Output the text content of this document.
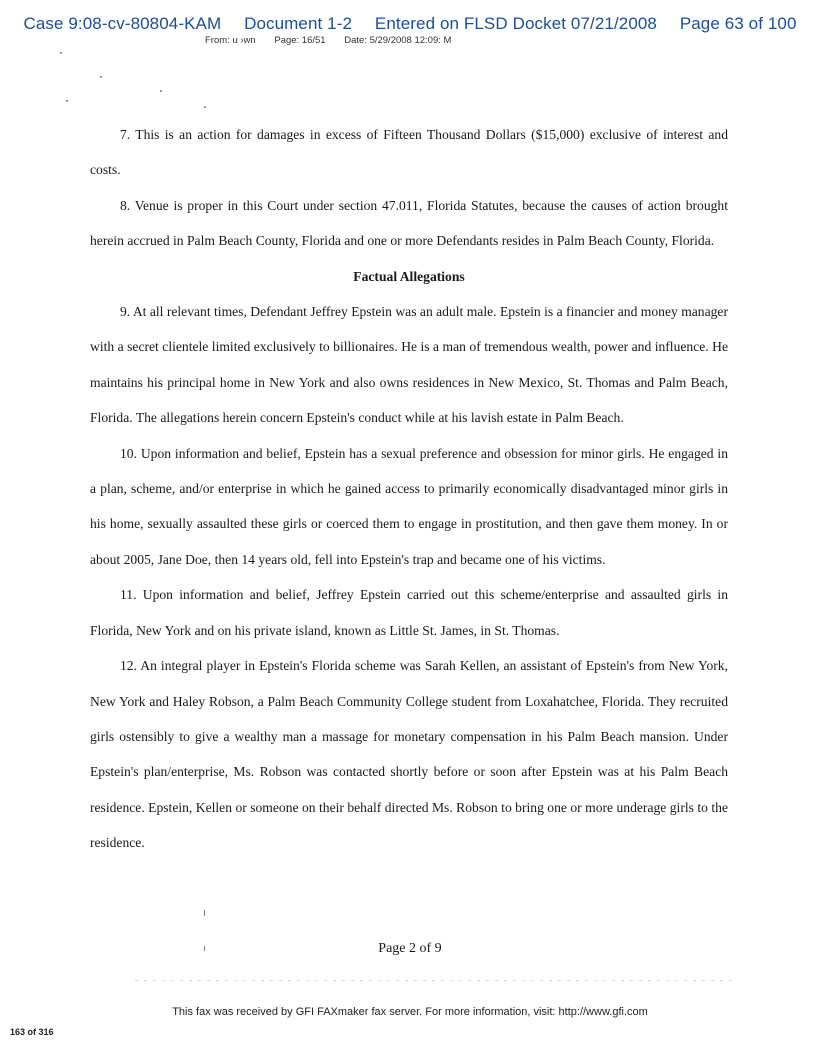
Case 9:08-cv-80804-KAM Document 1-2 Entered on FLSD Docket 07/21/2008 Page 63 of 100
From: u ›wn Page: 16/51 Date: 5/29/2008 12:09: M

7. This is an action for damages in excess of Fifteen Thousand Dollars ($15,000) exclusive of interest and costs.

8. Venue is proper in this Court under section 47.011, Florida Statutes, because the causes of action brought herein accrued in Palm Beach County, Florida and one or more Defendants resides in Palm Beach County, Florida.

Factual Allegations

9. At all relevant times, Defendant Jeffrey Epstein was an adult male. Epstein is a financier and money manager with a secret clientele limited exclusively to billionaires. He is a man of tremendous wealth, power and influence. He maintains his principal home in New York and also owns residences in New Mexico, St. Thomas and Palm Beach, Florida. The allegations herein concern Epstein's conduct while at his lavish estate in Palm Beach.

10. Upon information and belief, Epstein has a sexual preference and obsession for minor girls. He engaged in a plan, scheme, and/or enterprise in which he gained access to primarily economically disadvantaged minor girls in his home, sexually assaulted these girls or coerced them to engage in prostitution, and then gave them money. In or about 2005, Jane Doe, then 14 years old, fell into Epstein's trap and became one of his victims.

11. Upon information and belief, Jeffrey Epstein carried out this scheme/enterprise and assaulted girls in Florida, New York and on his private island, known as Little St. James, in St. Thomas.

12. An integral player in Epstein's Florida scheme was Sarah Kellen, an assistant of Epstein's from New York, New York and Haley Robson, a Palm Beach Community College student from Loxahatchee, Florida. They recruited girls ostensibly to give a wealthy man a massage for monetary compensation in his Palm Beach mansion. Under Epstein's plan/enterprise, Ms. Robson was contacted shortly before or soon after Epstein was at his Palm Beach residence. Epstein, Kellen or someone on their behalf directed Ms. Robson to bring one or more underage girls to the residence.

Page 2 of 9
This fax was received by GFI FAXmaker fax server. For more information, visit: http://www.gfi.com
163 of 316
